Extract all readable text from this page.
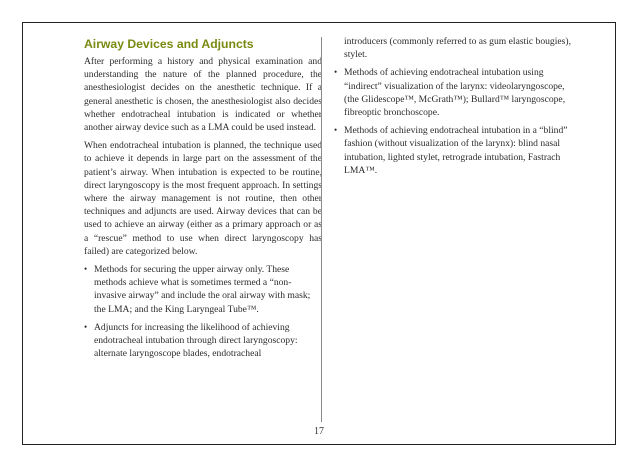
Airway Devices and Adjuncts

After performing a history and physical examination and understanding the nature of the planned procedure, the anesthesiologist decides on the anesthetic technique. If a general anesthetic is chosen, the anesthesiologist also decides whether endotracheal intubation is indicated or whether another airway device such as a LMA could be used instead.

When endotracheal intubation is planned, the technique used to achieve it depends in large part on the assessment of the patient’s airway. When intubation is expected to be routine, direct laryngoscopy is the most frequent approach. In settings where the airway management is not routine, then other techniques and adjuncts are used. Airway devices that can be used to achieve an airway (either as a primary approach or as a “rescue” method to use when direct laryngoscopy has failed) are categorized below.

• Methods for securing the upper airway only. These methods achieve what is sometimes termed a “non-invasive airway” and include the oral airway with mask; the LMA; and the King Laryngeal Tube™.
• Adjuncts for increasing the likelihood of achieving endotracheal intubation through direct laryngoscopy: alternate laryngoscope blades, endotracheal
introducers (commonly referred to as gum elastic bougies), stylet.
• Methods of achieving endotracheal intubation using “indirect” visualization of the larynx: videolaryngoscope, (the Glidescope™, McGrath™); Bullard™ laryngoscope, fibreoptic bronchoscope.
• Methods of achieving endotracheal intubation in a “blind” fashion (without visualization of the larynx): blind nasal intubation, lighted stylet, retrograde intubation, Fastrach LMA™.
17
